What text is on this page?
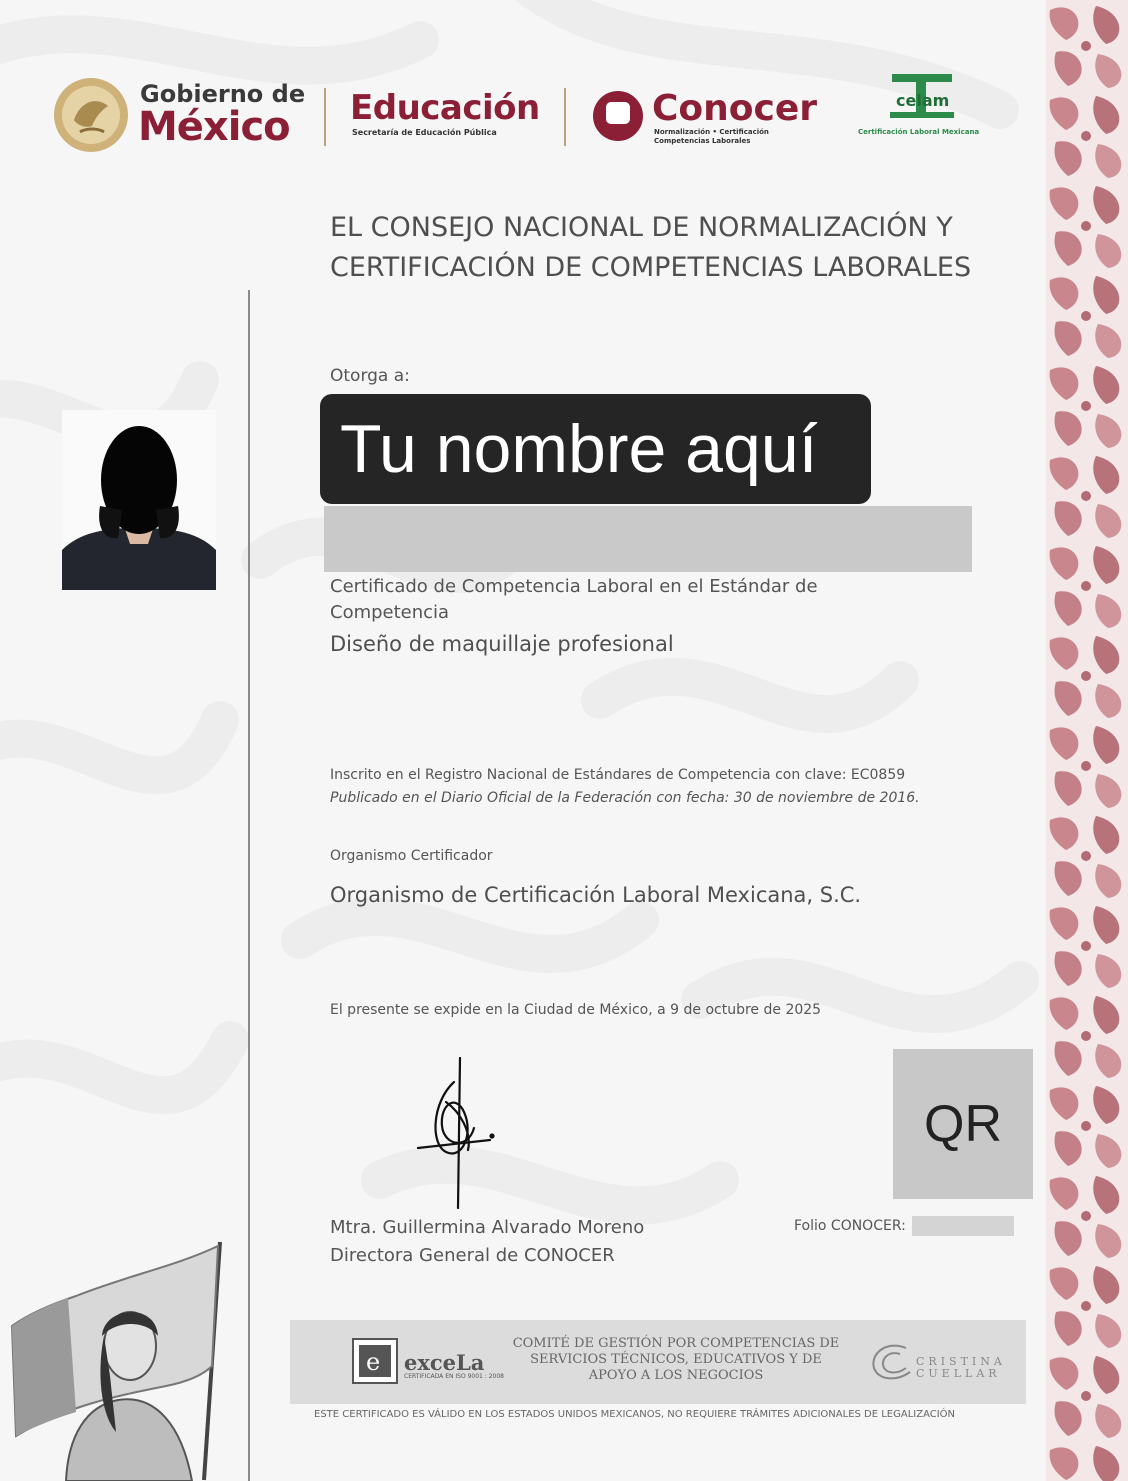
Gobierno de
México Educación
Secretaría de Educación Pública
Conocer
Normalización • Certificación Competencias Laborales
celam
Certificación Laboral Mexicana
EL CONSEJO NACIONAL DE NORMALIZACIÓN Y CERTIFICACIÓN DE COMPETENCIAS LABORALES
Otorga a:
Tu nombre aquí
Certificado de Competencia Laboral en el Estándar de Competencia
Diseño de maquillaje profesional
Inscrito en el Registro Nacional de Estándares de Competencia con clave: EC0859
Publicado en el Diario Oficial de la Federación con fecha: 30 de noviembre de 2016.
Organismo Certificador
Organismo de Certificación Laboral Mexicana, S.C.
El presente se expide en la Ciudad de México, a 9 de octubre de 2025
Mtra. Guillermina Alvarado Moreno
Directora General de CONOCER
QR
Folio CONOCER:
e exceLa
CERTIFICADA EN ISO 9001 : 2008
COMITÉ DE GESTIÓN POR COMPETENCIAS DE SERVICIOS TÉCNICOS, EDUCATIVOS Y DE APOYO A LOS NEGOCIOS
CRISTINA CUELLAR
ESTE CERTIFICADO ES VÁLIDO EN LOS ESTADOS UNIDOS MEXICANOS, NO REQUIERE TRÁMITES ADICIONALES DE LEGALIZACIÓN
